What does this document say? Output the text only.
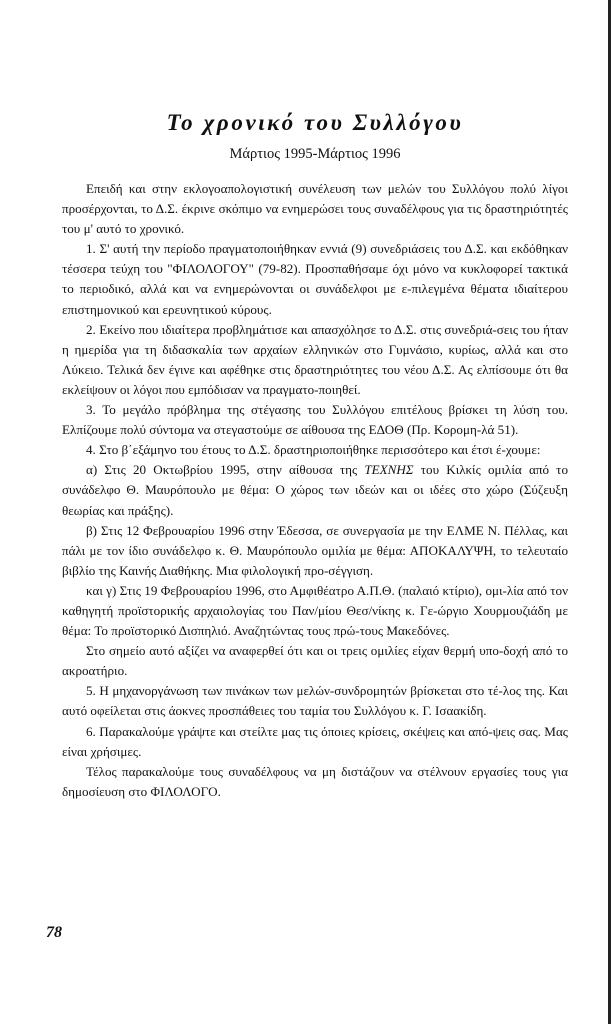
Το χρονικό του Συλλόγου
Μάρτιος 1995-Μάρτιος 1996

Επειδή και στην εκλογοαπολογιστική συνέλευση των μελών του Συλλόγου πολύ λίγοι προσέρχονται, το Δ.Σ. έκρινε σκόπιμο να ενημερώσει τους συναδέλφους για τις δραστηριότητές του μ' αυτό το χρονικό.

1. Σ' αυτή την περίοδο πραγματοποιήθηκαν εννιά (9) συνεδριάσεις του Δ.Σ. και εκδόθηκαν τέσσερα τεύχη του "ΦΙΛΟΛΟΓΟΥ" (79-82). Προσπαθήσαμε όχι μόνο να κυκλοφορεί τακτικά το περιοδικό, αλλά και να ενημερώνονται οι συνάδελφοι με ε-πιλεγμένα θέματα ιδιαίτερου επιστημονικού και ερευνητικού κύρους.

2. Εκείνο που ιδιαίτερα προβλημάτισε και απασχόλησε το Δ.Σ. στις συνεδριά-σεις του ήταν η ημερίδα για τη διδασκαλία των αρχαίων ελληνικών στο Γυμνάσιο, κυρίως, αλλά και στο Λύκειο. Τελικά δεν έγινε και αφέθηκε στις δραστηριότητες του νέου Δ.Σ. Ας ελπίσουμε ότι θα εκλείψουν οι λόγοι που εμπόδισαν να πραγματο-ποιηθεί.

3. Το μεγάλο πρόβλημα της στέγασης του Συλλόγου επιτέλους βρίσκει τη λύση του. Ελπίζουμε πολύ σύντομα να στεγαστούμε σε αίθουσα της ΕΔΟΘ (Πρ. Κορομη-λά 51).

4. Στο β΄εξάμηνο του έτους το Δ.Σ. δραστηριοποιήθηκε περισσότερο και έτσι έ-χουμε:

α) Στις 20 Οκτωβρίου 1995, στην αίθουσα της ΤΕΧΝΗΣ του Κιλκίς ομιλία από το συνάδελφο Θ. Μαυρόπουλο με θέμα: Ο χώρος των ιδεών και οι ιδέες στο χώρο (Σύζευξη θεωρίας και πράξης).

β) Στις 12 Φεβρουαρίου 1996 στην Έδεσσα, σε συνεργασία με την ΕΛΜΕ Ν. Πέλλας, και πάλι με τον ίδιο συνάδελφο κ. Θ. Μαυρόπουλο ομιλία με θέμα: ΑΠΟΚΑΛΥΨΗ, το τελευταίο βιβλίο της Καινής Διαθήκης. Μια φιλολογική προ-σέγγιση.

και γ) Στις 19 Φεβρουαρίου 1996, στο Αμφιθέατρο Α.Π.Θ. (παλαιό κτίριο), ομι-λία από τον καθηγητή προϊστορικής αρχαιολογίας του Παν/μίου Θεσ/νίκης κ. Γε-ώργιο Χουρμουζιάδη με θέμα: Το προϊστορικό Δισπηλιό. Αναζητώντας τους πρώ-τους Μακεδόνες.

Στο σημείο αυτό αξίζει να αναφερθεί ότι και οι τρεις ομιλίες είχαν θερμή υπο-δοχή από το ακροατήριο.

5. Η μηχανοργάνωση των πινάκων των μελών-συνδρομητών βρίσκεται στο τέ-λος της. Και αυτό οφείλεται στις άοκνες προσπάθειες του ταμία του Συλλόγου κ. Γ. Ισαακίδη.

6. Παρακαλούμε γράψτε και στείλτε μας τις όποιες κρίσεις, σκέψεις και από-ψεις σας. Μας είναι χρήσιμες.

Τέλος παρακαλούμε τους συναδέλφους να μη διστάζουν να στέλνουν εργασίες τους για δημοσίευση στο ΦΙΛΟΛΟΓΟ.

78
